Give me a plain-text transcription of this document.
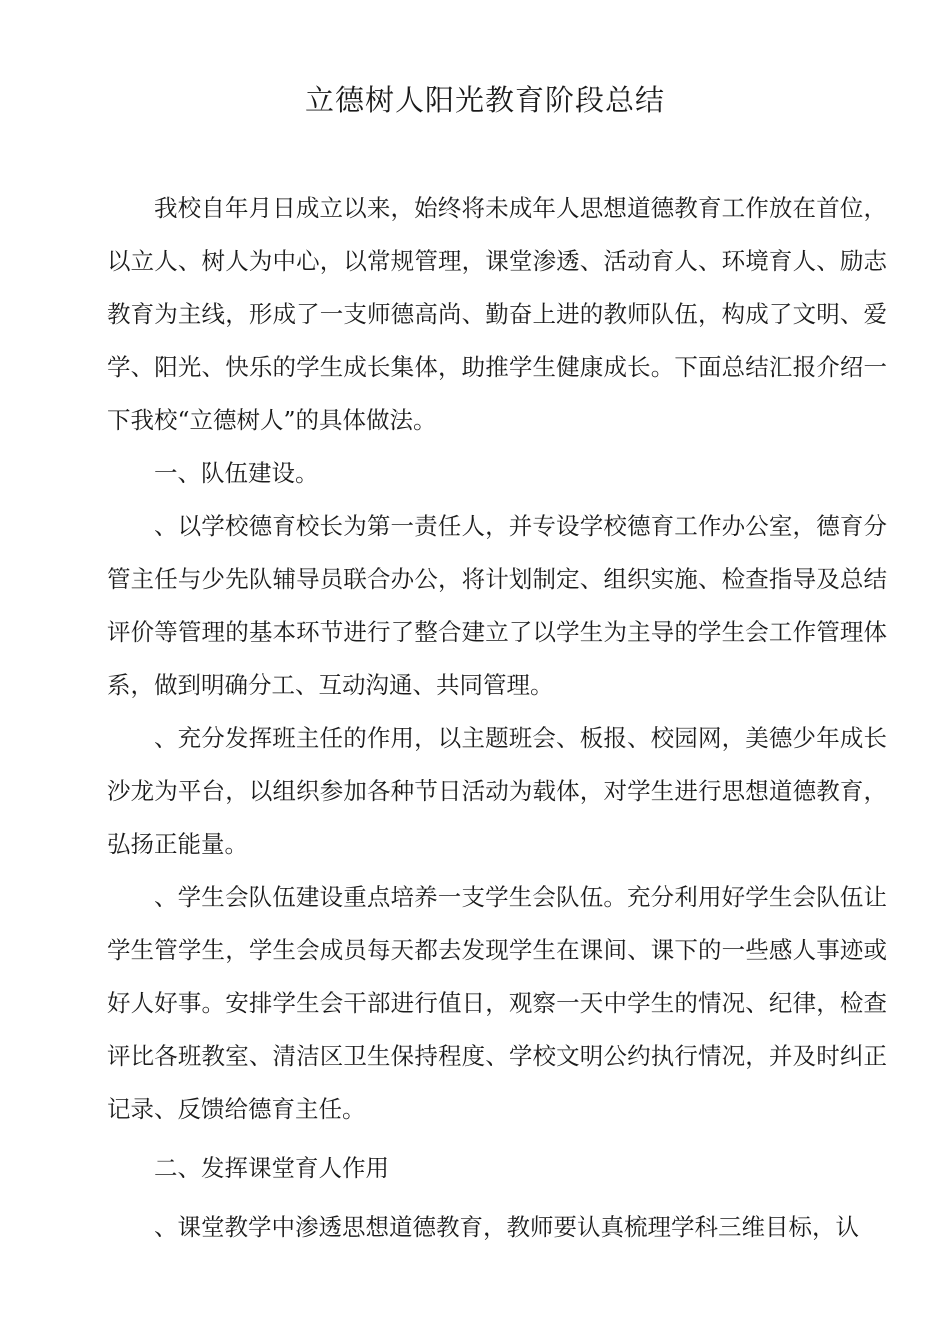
立德树人阳光教育阶段总结

我校自年月日成立以来，始终将未成年人思想道德教育工作放在首位，以立人、树人为中心，以常规管理，课堂渗透、活动育人、环境育人、励志教育为主线，形成了一支师德高尚、勤奋上进的教师队伍，构成了文明、爱学、阳光、快乐的学生成长集体，助推学生健康成长。下面总结汇报介绍一下我校“立德树人”的具体做法。

一、队伍建设。

、以学校德育校长为第一责任人，并专设学校德育工作办公室，德育分管主任与少先队辅导员联合办公，将计划制定、组织实施、检查指导及总结评价等管理的基本环节进行了整合建立了以学生为主导的学生会工作管理体系，做到明确分工、互动沟通、共同管理。

、充分发挥班主任的作用，以主题班会、板报、校园网，美德少年成长沙龙为平台，以组织参加各种节日活动为载体，对学生进行思想道德教育，弘扬正能量。

、学生会队伍建设重点培养一支学生会队伍。充分利用好学生会队伍让学生管学生，学生会成员每天都去发现学生在课间、课下的一些感人事迹或好人好事。安排学生会干部进行值日，观察一天中学生的情况、纪律，检查评比各班教室、清洁区卫生保持程度、学校文明公约执行情况，并及时纠正记录、反馈给德育主任。

二、发挥课堂育人作用

、课堂教学中渗透思想道德教育，教师要认真梳理学科三维目标，认
